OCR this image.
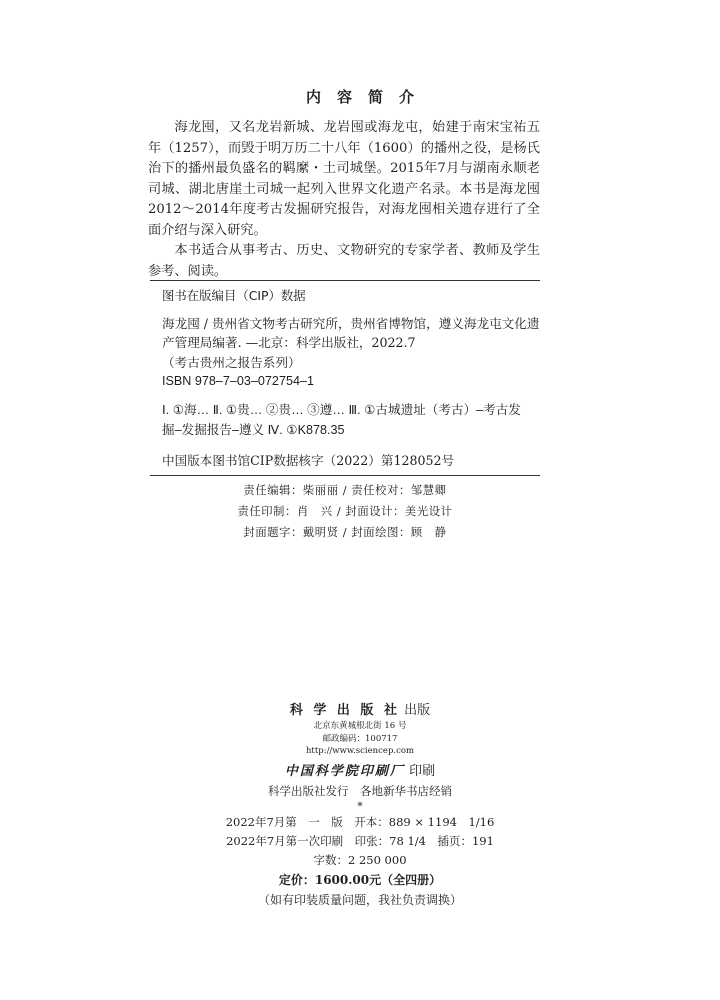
内容简介

海龙囤，又名龙岩新城、龙岩囤或海龙屯，始建于南宋宝祐五年（1257），而毁于明万历二十八年（1600）的播州之役，是杨氏治下的播州最负盛名的羁縻・土司城堡。2015年7月与湖南永顺老司城、湖北唐崖土司城一起列入世界文化遗产名录。本书是海龙囤2012～2014年度考古发掘研究报告，对海龙囤相关遗存进行了全面介绍与深入研究。

本书适合从事考古、历史、文物研究的专家学者、教师及学生参考、阅读。

图书在版编目（CIP）数据
海龙囤 / 贵州省文物考古研究所，贵州省博物馆，遵义海龙屯文化遗产管理局编著. —北京：科学出版社，2022.7
（考古贵州之报告系列）
ISBN 978–7–03–072754–1
Ⅰ. ①海… Ⅱ. ①贵… ②贵… ③遵… Ⅲ. ①古城遗址（考古）–考古发掘–发掘报告–遵义 Ⅳ. ①K878.35
中国版本图书馆CIP数据核字（2022）第128052号
责任编辑：柴丽丽 / 责任校对：邹慧卿
责任印制：肖　兴 / 封面设计：美光设计
封面题字：戴明贤 / 封面绘图：顾　静
科 学 出 版 社 出版
北京东黄城根北街 16 号
邮政编码：100717
http://www.sciencep.com
中国科学院印刷厂 印刷
科学出版社发行　各地新华书店经销
*
2022年7月第　一　版　开本：889 × 1194　1/16
2022年7月第一次印刷　印张：78 1/4　插页：191
字数：2 250 000
定价：1600.00元（全四册）
（如有印装质量问题，我社负责调换）
